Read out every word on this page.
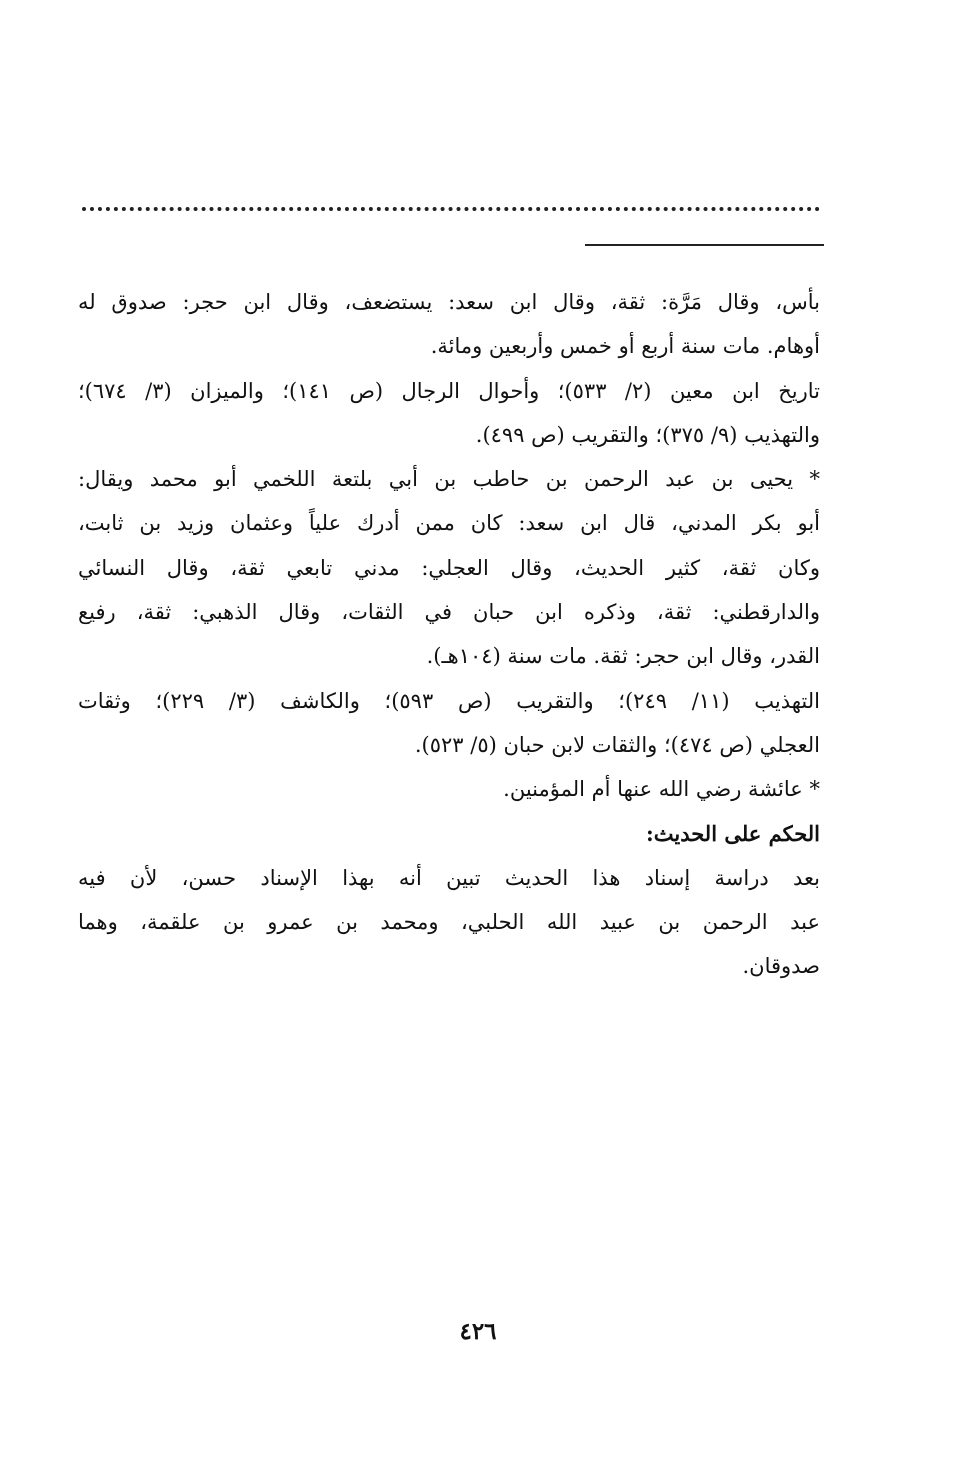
بأس، وقال مَرَّة: ثقة، وقال ابن سعد: يستضعف، وقال ابن حجر: صدوق له
أوهام. مات سنة أربع أو خمس وأربعين ومائة.
تاريخ ابن معين (٢/ ٥٣٣)؛ وأحوال الرجال (ص ١٤١)؛ والميزان (٣/ ٦٧٤)؛
والتهذيب (٩/ ٣٧٥)؛ والتقريب (ص ٤٩٩).
* يحيى بن عبد الرحمن بن حاطب بن أبي بلتعة اللخمي أبو محمد ويقال:
أبو بكر المدني، قال ابن سعد: كان ممن أدرك علياً وعثمان وزيد بن ثابت،
وكان ثقة، كثير الحديث، وقال العجلي: مدني تابعي ثقة، وقال النسائي
والدارقطني: ثقة، وذكره ابن حبان في الثقات، وقال الذهبي: ثقة، رفيع
القدر، وقال ابن حجر: ثقة. مات سنة (١٠٤هـ).
التهذيب (١١/ ٢٤٩)؛ والتقريب (ص ٥٩٣)؛ والكاشف (٣/ ٢٢٩)؛ وثقات
العجلي (ص ٤٧٤)؛ والثقات لابن حبان (٥/ ٥٢٣).
* عائشة رضي الله عنها أم المؤمنين.
الحكم على الحديث:
بعد دراسة إسناد هذا الحديث تبين أنه بهذا الإسناد حسن، لأن فيه
عبد الرحمن بن عبيد الله الحلبي، ومحمد بن عمرو بن علقمة، وهما
صدوقان.
٤٢٦
